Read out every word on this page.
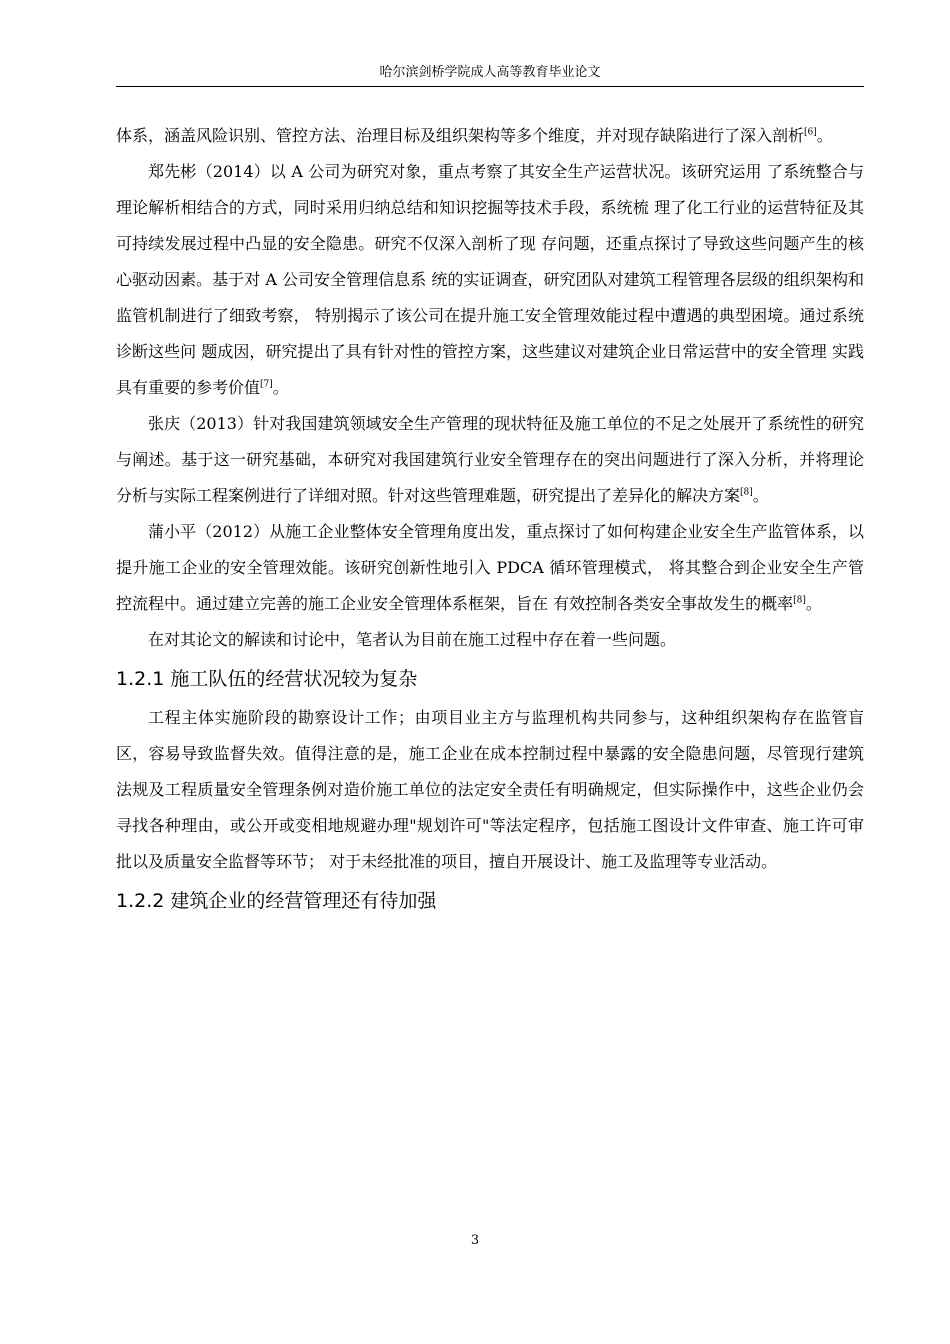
哈尔滨剑桥学院成人高等教育毕业论文

体系，涵盖风险识别、管控方法、治理目标及组织架构等多个维度，并对现存缺陷进行了深入剖析[6]。

郑先彬（2014）以 A 公司为研究对象，重点考察了其安全生产运营状况。该研究运用 了系统整合与理论解析相结合的方式，同时采用归纳总结和知识挖掘等技术手段，系统梳 理了化工行业的运营特征及其可持续发展过程中凸显的安全隐患。研究不仅深入剖析了现 存问题，还重点探讨了导致这些问题产生的核心驱动因素。基于对 A 公司安全管理信息系 统的实证调查，研究团队对建筑工程管理各层级的组织架构和监管机制进行了细致考察， 特别揭示了该公司在提升施工安全管理效能过程中遭遇的典型困境。通过系统诊断这些问 题成因，研究提出了具有针对性的管控方案，这些建议对建筑企业日常运营中的安全管理 实践具有重要的参考价值[7]。

张庆（2013）针对我国建筑领域安全生产管理的现状特征及施工单位的不足之处展开了系统性的研究与阐述。基于这一研究基础，本研究对我国建筑行业安全管理存在的突出问题进行了深入分析，并将理论分析与实际工程案例进行了详细对照。针对这些管理难题，研究提出了差异化的解决方案[8]。

蒲小平（2012）从施工企业整体安全管理角度出发，重点探讨了如何构建企业安全生产监管体系，以提升施工企业的安全管理效能。该研究创新性地引入 PDCA 循环管理模式， 将其整合到企业安全生产管控流程中。通过建立完善的施工企业安全管理体系框架，旨在 有效控制各类安全事故发生的概率[8]。

在对其论文的解读和讨论中，笔者认为目前在施工过程中存在着一些问题。

1.2.1 施工队伍的经营状况较为复杂

工程主体实施阶段的勘察设计工作；由项目业主方与监理机构共同参与，这种组织架构存在监管盲区，容易导致监督失效。值得注意的是，施工企业在成本控制过程中暴露的安全隐患问题，尽管现行建筑法规及工程质量安全管理条例对造价施工单位的法定安全责任有明确规定，但实际操作中，这些企业仍会寻找各种理由，或公开或变相地规避办理"规划许可"等法定程序，包括施工图设计文件审查、施工许可审批以及质量安全监督等环节； 对于未经批准的项目，擅自开展设计、施工及监理等专业活动。

1.2.2 建筑企业的经营管理还有待加强
3
